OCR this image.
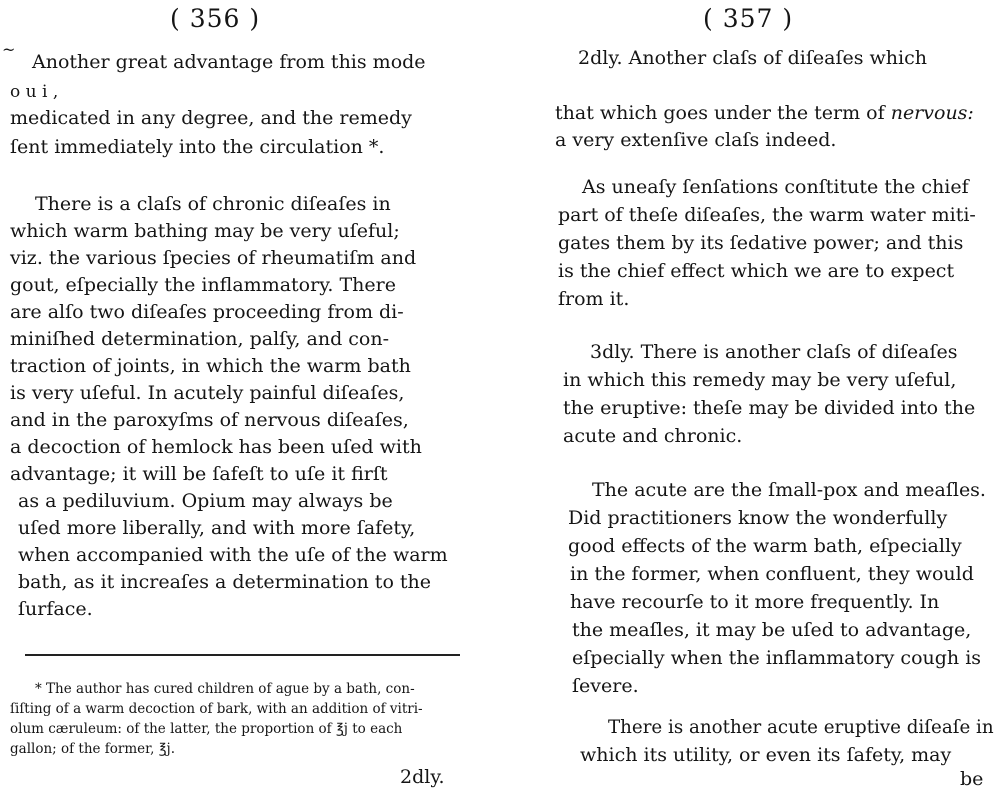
( 356 )
~
Another great advantage from this mode
o u i ,
medicated in any degree, and the remedy
ſent immediately into the circulation *.
There is a claſs of chronic diſeaſes in
which warm bathing may be very uſeful;
viz. the various ſpecies of rheumatiſm and
gout, eſpecially the inflammatory. There
are alſo two diſeaſes proceeding from di-
miniſhed determination, palſy, and con-
traction of joints, in which the warm bath
is very uſeful. In acutely painful diſeaſes,
and in the paroxyſms of nervous diſeaſes,
a decoction of hemlock has been uſed with
advantage; it will be ſafeſt to uſe it firſt
as a pediluvium. Opium may always be
uſed more liberally, and with more ſafety,
when accompanied with the uſe of the warm
bath, as it increaſes a determination to the
ſurface.
* The author has cured children of ague by a bath, con-
ſiſting of a warm decoction of bark, with an addition of vitri-
olum cæruleum: of the latter, the proportion of ℥j to each
gallon; of the former, ℥j.
2dly.
( 357 )
2dly. Another claſs of diſeaſes which
that which goes under the term of nervous:
a very extenſive claſs indeed.
As uneaſy ſenſations conſtitute the chief
part of theſe diſeaſes, the warm water miti-
gates them by its ſedative power; and this
is the chief effect which we are to expect
from it.
3dly. There is another claſs of diſeaſes
in which this remedy may be very uſeful,
the eruptive: theſe may be divided into the
acute and chronic.
The acute are the ſmall-pox and meaſles.
Did practitioners know the wonderfully
good effects of the warm bath, eſpecially
in the former, when confluent, they would
have recourſe to it more frequently. In
the meaſles, it may be uſed to advantage,
eſpecially when the inflammatory cough is
ſevere.
There is another acute eruptive diſeaſe in
which its utility, or even its ſafety, may
be
